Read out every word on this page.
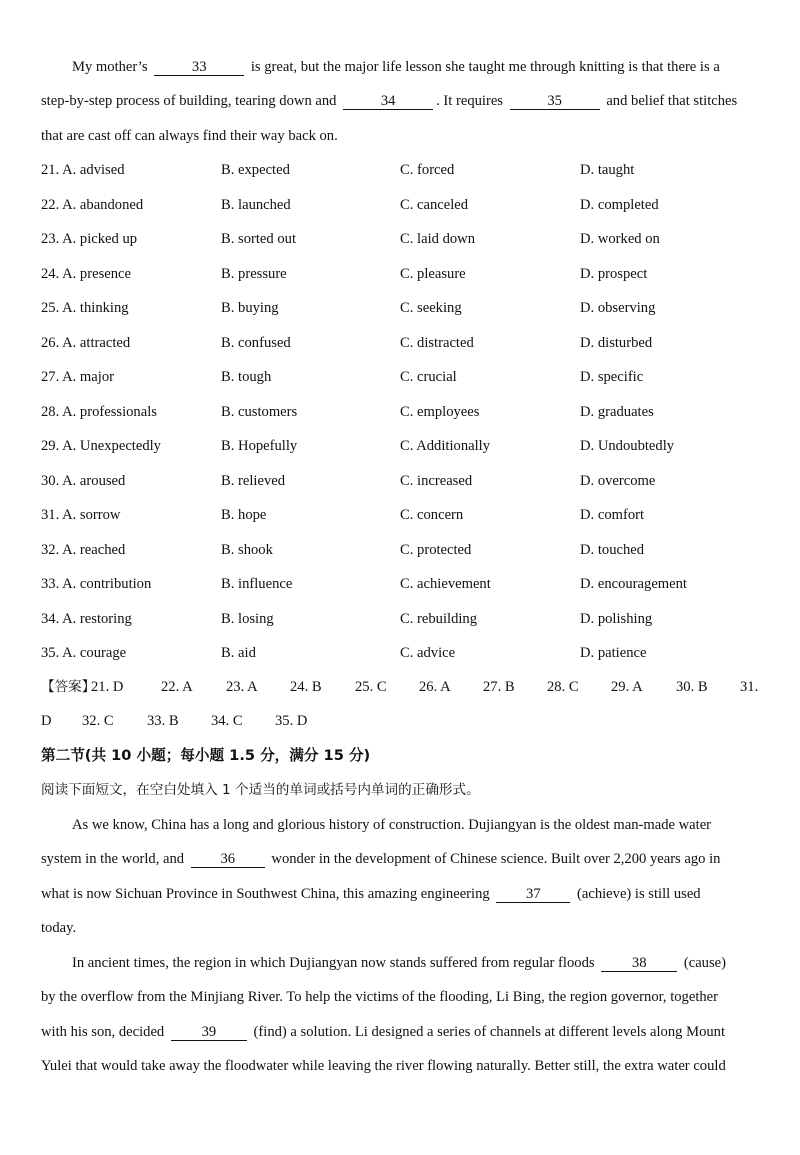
My mother’s	33	is great, but the major life lesson she taught me through knitting is that there is a
step-by-step process of building, tearing down and	34	. It requires	35	and belief that stitches
that are cast off can always find their way back on.
21. A. advised	B. expected	C. forced	D. taught
22. A. abandoned	B. launched	C. canceled	D. completed
23. A. picked up	B. sorted out	C. laid down	D. worked on
24. A. presence	B. pressure	C. pleasure	D. prospect
25. A. thinking	B. buying	C. seeking	D. observing
26. A. attracted	B. confused	C. distracted	D. disturbed
27. A. major	B. tough	C. crucial	D. specific
28. A. professionals	B. customers	C. employees	D. graduates
29. A. Unexpectedly	B. Hopefully	C. Additionally	D. Undoubtedly
30. A. aroused	B. relieved	C. increased	D. overcome
31. A. sorrow	B. hope	C. concern	D. comfort
32. A. reached	B. shook	C. protected	D. touched
33. A. contribution	B. influence	C. achievement	D. encouragement
34. A. restoring	B. losing	C. rebuilding	D. polishing
35. A. courage	B. aid	C. advice	D. patience
【答案】
21. D	22. A 23. A 24. B 25. C 26. A 27. B 28. C 29. A 30. B 31.
D 32. C 33. B 34. C 35. D
第二节(共 10 小题；每小题 1.5 分，满分 15 分)
阅读下面短文，在空白处填入 1 个适当的单词或括号内单词的正确形式。
As we know, China has a long and glorious history of construction. Dujiangyan is the oldest man-made water
system in the world, and 36 wonder in the development of Chinese science. Built over 2,200 years ago in
what is now Sichuan Province in Southwest China, this amazing engineering 37 (achieve) is still used
today.
In ancient times, the region in which Dujiangyan now stands suffered from regular floods	38	(cause)
by the overflow from the Minjiang River. To help the victims of the flooding, Li Bing, the region governor, together
with his son, decided	39	(find) a solution. Li designed a series of channels at different levels along Mount
Yulei that would take away the floodwater while leaving the river flowing naturally. Better still, the extra water could
